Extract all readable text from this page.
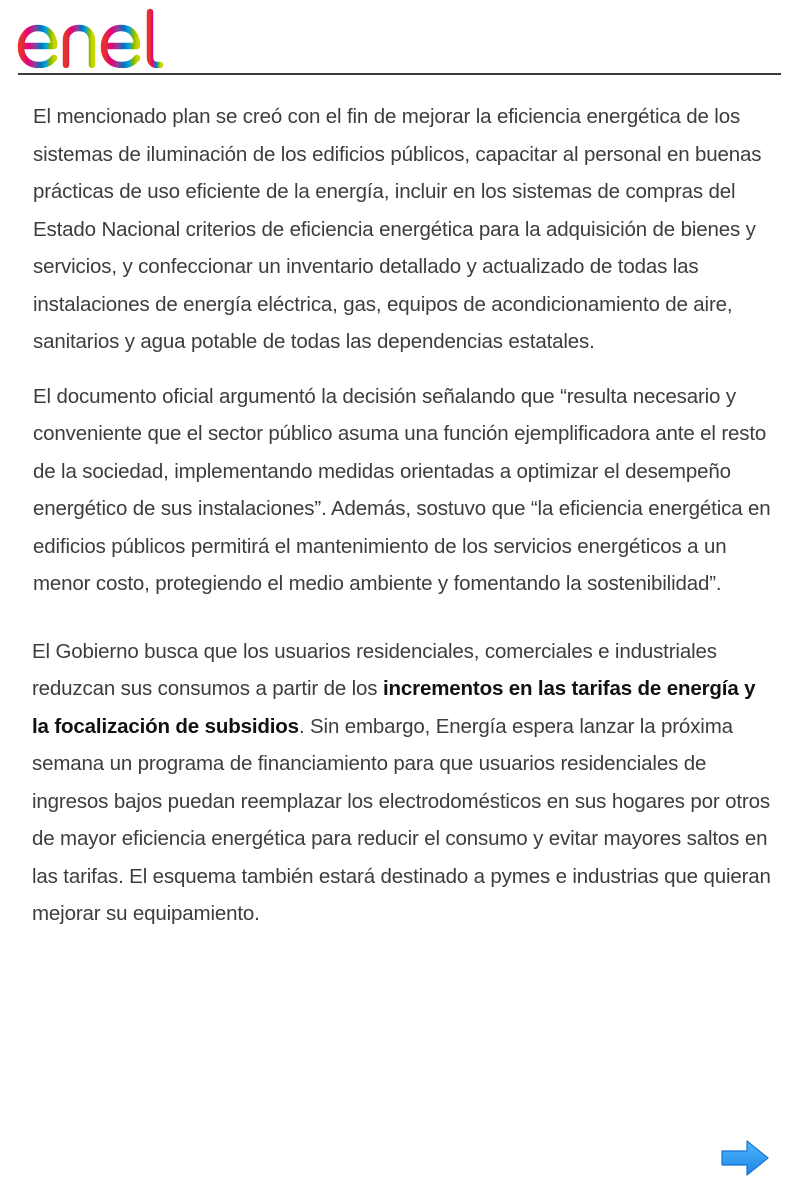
El mencionado plan se creó con el fin de mejorar la eficiencia energética de los sistemas de iluminación de los edificios públicos, capacitar al personal en buenas prácticas de uso eficiente de la energía, incluir en los sistemas de compras del Estado Nacional criterios de eficiencia energética para la adquisición de bienes y servicios, y confeccionar un inventario detallado y actualizado de todas las instalaciones de energía eléctrica, gas, equipos de acondicionamiento de aire, sanitarios y agua potable de todas las dependencias estatales.

El documento oficial argumentó la decisión señalando que “resulta necesario y conveniente que el sector público asuma una función ejemplificadora ante el resto de la sociedad, implementando medidas orientadas a optimizar el desempeño energético de sus instalaciones”. Además, sostuvo que “la eficiencia energética en edificios públicos permitirá el mantenimiento de los servicios energéticos a un menor costo, protegiendo el medio ambiente y fomentando la sostenibilidad”.

El Gobierno busca que los usuarios residenciales, comerciales e industriales reduzcan sus consumos a partir de los incrementos en las tarifas de energía y la focalización de subsidios. Sin embargo, Energía espera lanzar la próxima semana un programa de financiamiento para que usuarios residenciales de ingresos bajos puedan reemplazar los electrodomésticos en sus hogares por otros de mayor eficiencia energética para reducir el consumo y evitar mayores saltos en las tarifas. El esquema también estará destinado a pymes e industrias que quieran mejorar su equipamiento.
